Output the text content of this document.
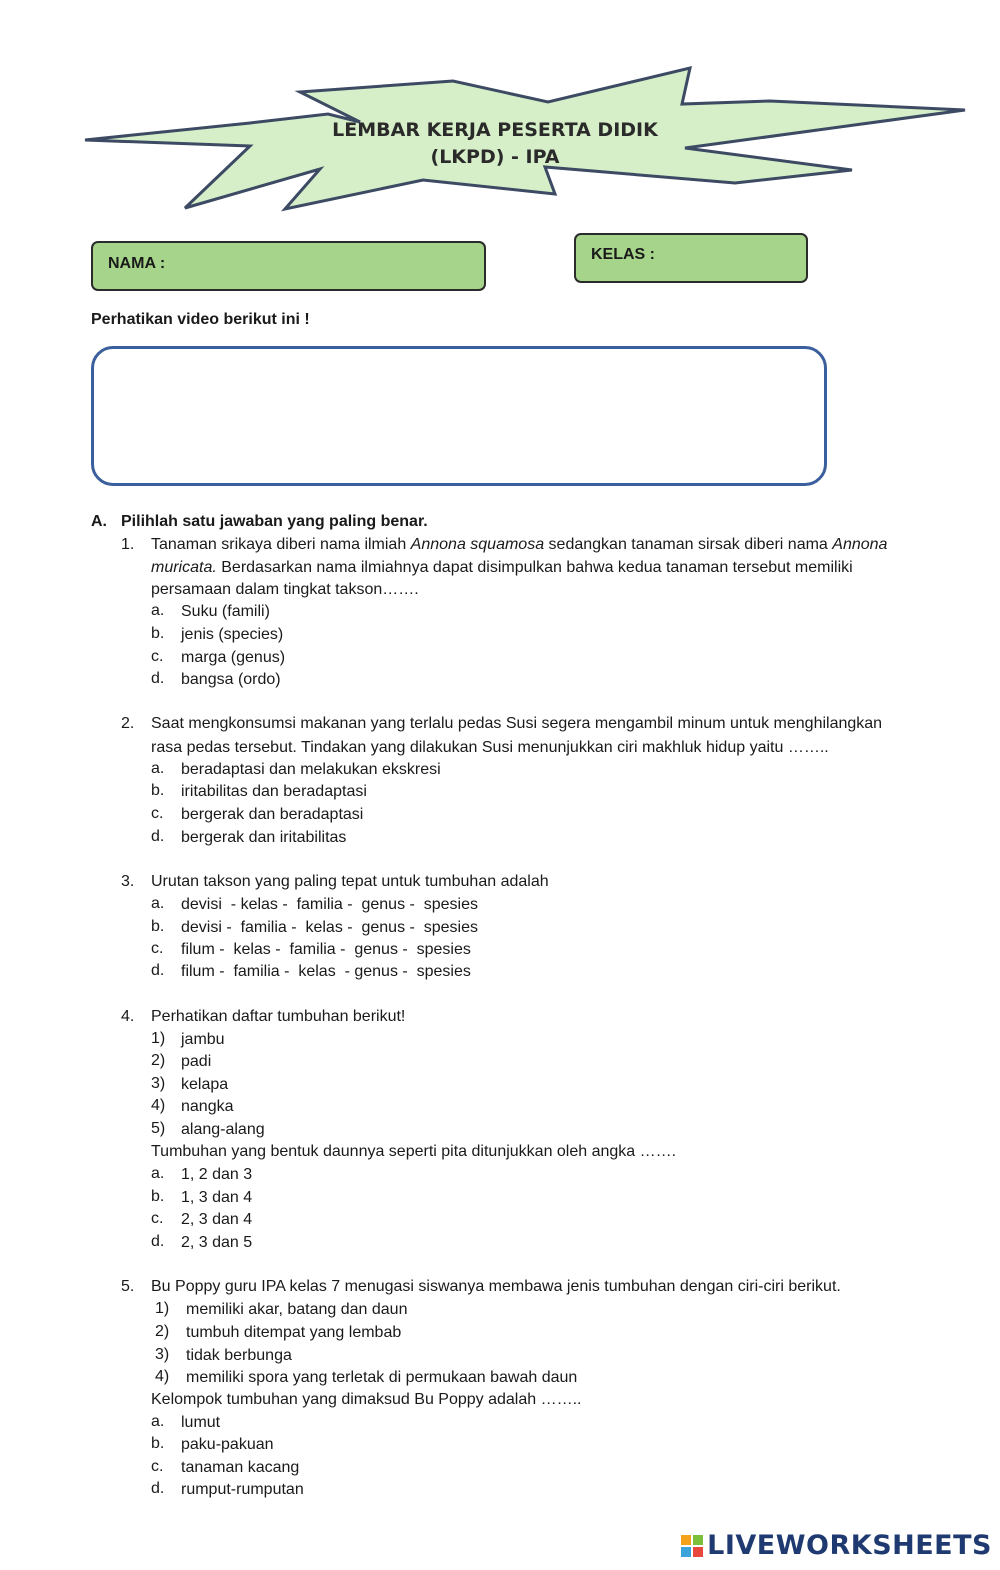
LEMBAR KERJA PESERTA DIDIK
(LKPD) - IPA
NAMA :
KELAS :
Perhatikan video berikut ini !
A. Pilihlah satu jawaban yang paling benar.
1. Tanaman srikaya diberi nama ilmiah Annona squamosa sedangkan tanaman sirsak diberi nama Annona
muricata. Berdasarkan nama ilmiahnya dapat disimpulkan bahwa kedua tanaman tersebut memiliki
persamaan dalam tingkat takson…….
a. Suku (famili)
b. jenis (species)
c. marga (genus)
d. bangsa (ordo)
2. Saat mengkonsumsi makanan yang terlalu pedas Susi segera mengambil minum untuk menghilangkan
rasa pedas tersebut. Tindakan yang dilakukan Susi menunjukkan ciri makhluk hidup yaitu ……..
a. beradaptasi dan melakukan ekskresi
b. iritabilitas dan beradaptasi
c. bergerak dan beradaptasi
d. bergerak dan iritabilitas
3. Urutan takson yang paling tepat untuk tumbuhan adalah
a. devisi  - kelas -  familia -  genus -  spesies
b. devisi -  familia -  kelas -  genus -  spesies
c. filum -  kelas -  familia -  genus -  spesies
d. filum -  familia -  kelas  - genus -  spesies
4. Perhatikan daftar tumbuhan berikut!
1) jambu
2) padi
3) kelapa
4) nangka
5) alang-alang
Tumbuhan yang bentuk daunnya seperti pita ditunjukkan oleh angka …….
a. 1, 2 dan 3
b. 1, 3 dan 4
c. 2, 3 dan 4
d. 2, 3 dan 5
5. Bu Poppy guru IPA kelas 7 menugasi siswanya membawa jenis tumbuhan dengan ciri-ciri berikut.
1) memiliki akar, batang dan daun
2) tumbuh ditempat yang lembab
3) tidak berbunga
4) memiliki spora yang terletak di permukaan bawah daun
Kelompok tumbuhan yang dimaksud Bu Poppy adalah ……..
a. lumut
b. paku-pakuan
c. tanaman kacang
d. rumput-rumputan
LIVEWORKSHEETS
